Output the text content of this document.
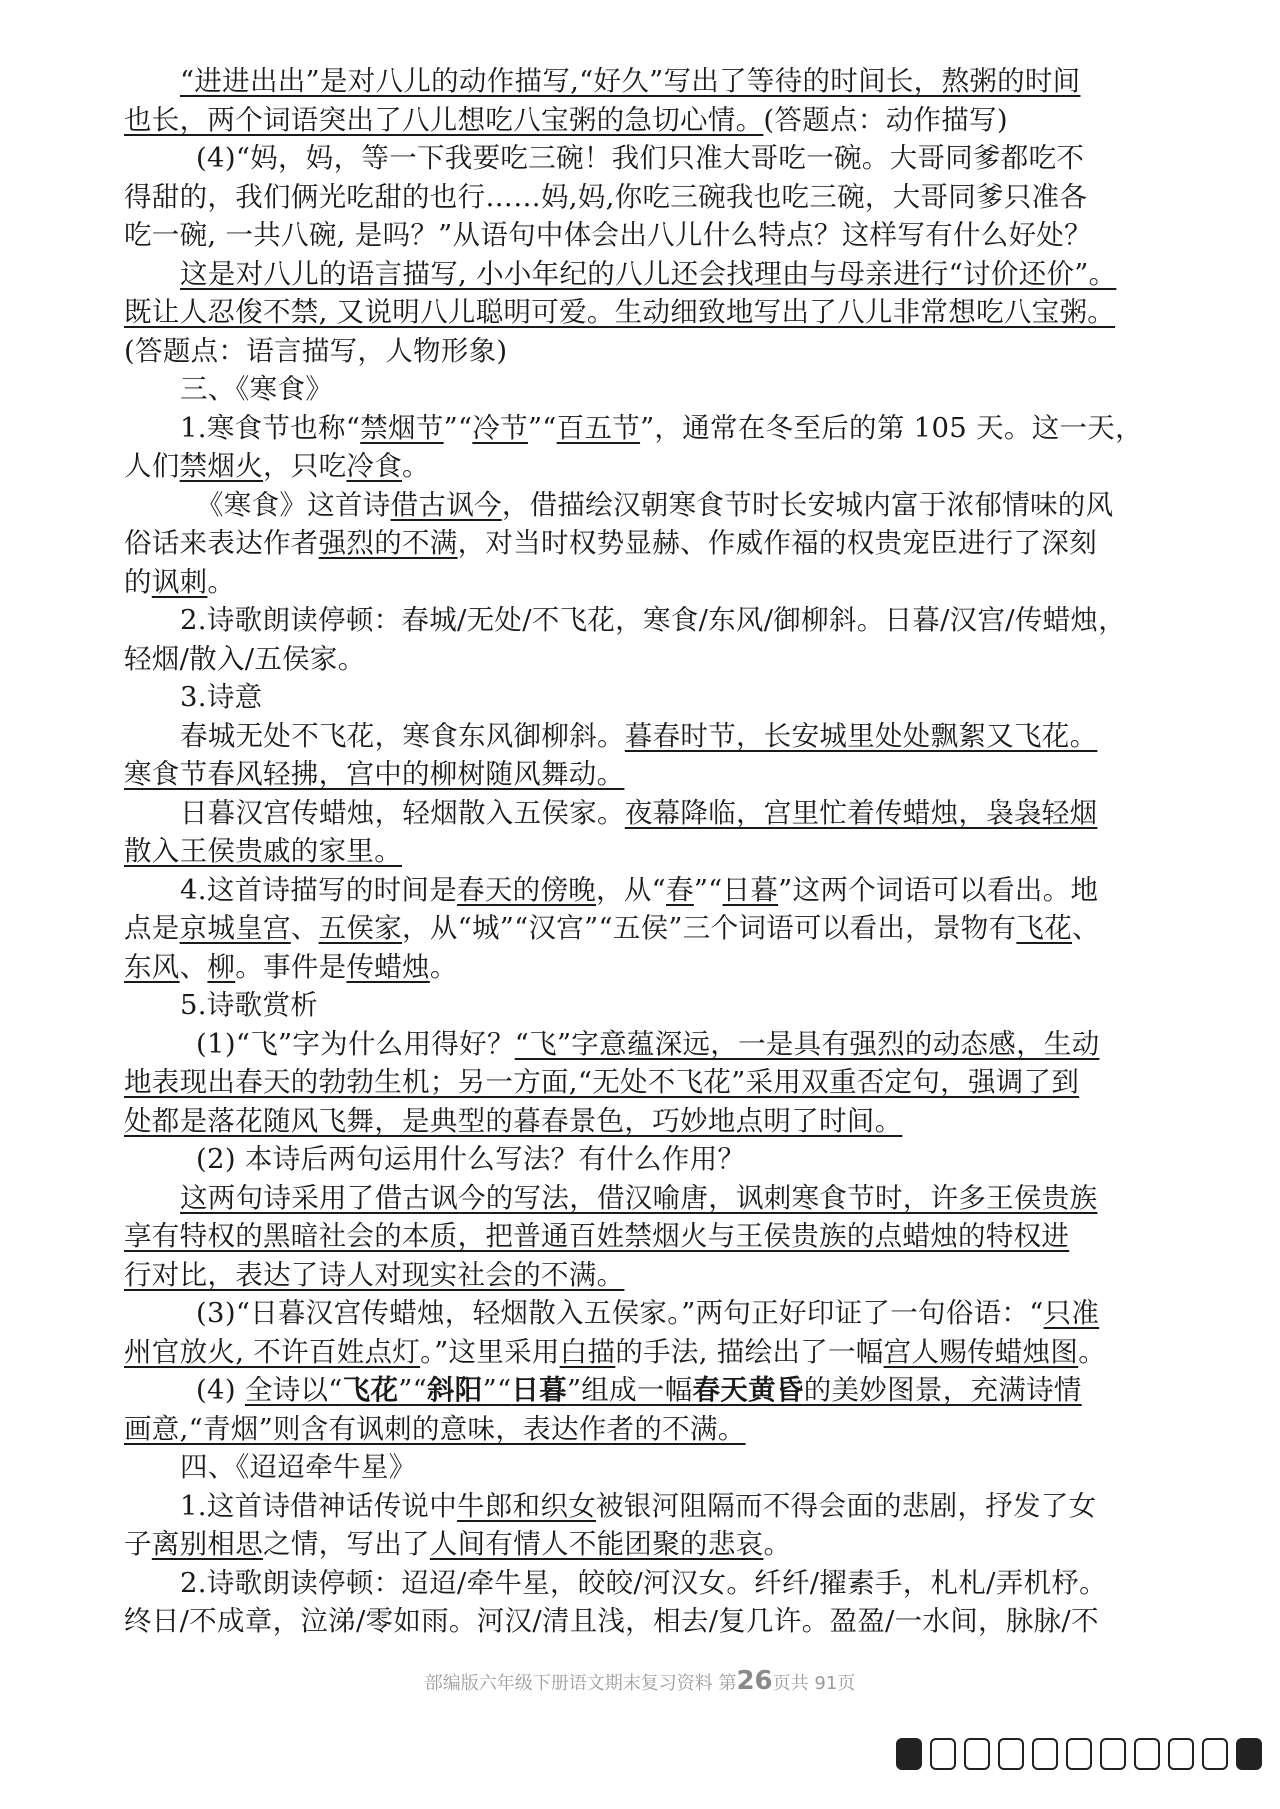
“进进出出”是对八儿的动作描写,“好久”写出了等待的时间长，熬粥的时间
也长，两个词语突出了八儿想吃八宝粥的急切心情。(答题点：动作描写)
(4)“妈，妈，等一下我要吃三碗！我们只准大哥吃一碗。大哥同爹都吃不
得甜的，我们俩光吃甜的也行……妈,妈,你吃三碗我也吃三碗，大哥同爹只准各
吃一碗, 一共八碗, 是吗？”从语句中体会出八儿什么特点？这样写有什么好处？
这是对八儿的语言描写, 小小年纪的八儿还会找理由与母亲进行“讨价还价”。
既让人忍俊不禁, 又说明八儿聪明可爱。生动细致地写出了八儿非常想吃八宝粥。
(答题点：语言描写，人物形象)
三、《寒食》
1.寒食节也称“禁烟节”“冷节”“百五节”，通常在冬至后的第 105 天。这一天，
人们禁烟火，只吃冷食。
《寒食》这首诗借古讽今，借描绘汉朝寒食节时长安城内富于浓郁情味的风
俗话来表达作者强烈的不满，对当时权势显赫、作威作福的权贵宠臣进行了深刻
的讽刺。
2.诗歌朗读停顿：春城/无处/不飞花，寒食/东风/御柳斜。日暮/汉宫/传蜡烛，
轻烟/散入/五侯家。
3.诗意
春城无处不飞花，寒食东风御柳斜。暮春时节，长安城里处处飘絮又飞花。
寒食节春风轻拂，宫中的柳树随风舞动。
日暮汉宫传蜡烛，轻烟散入五侯家。夜幕降临，宫里忙着传蜡烛，袅袅轻烟
散入王侯贵戚的家里。
4.这首诗描写的时间是春天的傍晚，从“春”“日暮”这两个词语可以看出。地
点是京城皇宫、五侯家，从“城”“汉宫”“五侯”三个词语可以看出，景物有飞花、
东风、柳。事件是传蜡烛。
5.诗歌赏析
(1)“飞”字为什么用得好？“飞”字意蕴深远，一是具有强烈的动态感，生动
地表现出春天的勃勃生机；另一方面,“无处不飞花”采用双重否定句，强调了到
处都是落花随风飞舞，是典型的暮春景色，巧妙地点明了时间。
(2) 本诗后两句运用什么写法？有什么作用？
这两句诗采用了借古讽今的写法，借汉喻唐，讽刺寒食节时，许多王侯贵族
享有特权的黑暗社会的本质，把普通百姓禁烟火与王侯贵族的点蜡烛的特权进
行对比，表达了诗人对现实社会的不满。
(3)“日暮汉宫传蜡烛，轻烟散入五侯家。”两句正好印证了一句俗语：“只准
州官放火, 不许百姓点灯。”这里采用白描的手法, 描绘出了一幅宫人赐传蜡烛图。
(4) 全诗以“飞花”“斜阳”“日暮”组成一幅春天黄昏的美妙图景，充满诗情
画意,“青烟”则含有讽刺的意味，表达作者的不满。
四、《迢迢牵牛星》
1.这首诗借神话传说中牛郎和织女被银河阻隔而不得会面的悲剧，抒发了女
子离别相思之情，写出了人间有情人不能团聚的悲哀。
2.诗歌朗读停顿：迢迢/牵牛星，皎皎/河汉女。纤纤/擢素手，札札/弄机杼。
终日/不成章，泣涕/零如雨。河汉/清且浅，相去/复几许。盈盈/一水间，脉脉/不
部编版六年级下册语文期末复习资料 第26页共 91页
